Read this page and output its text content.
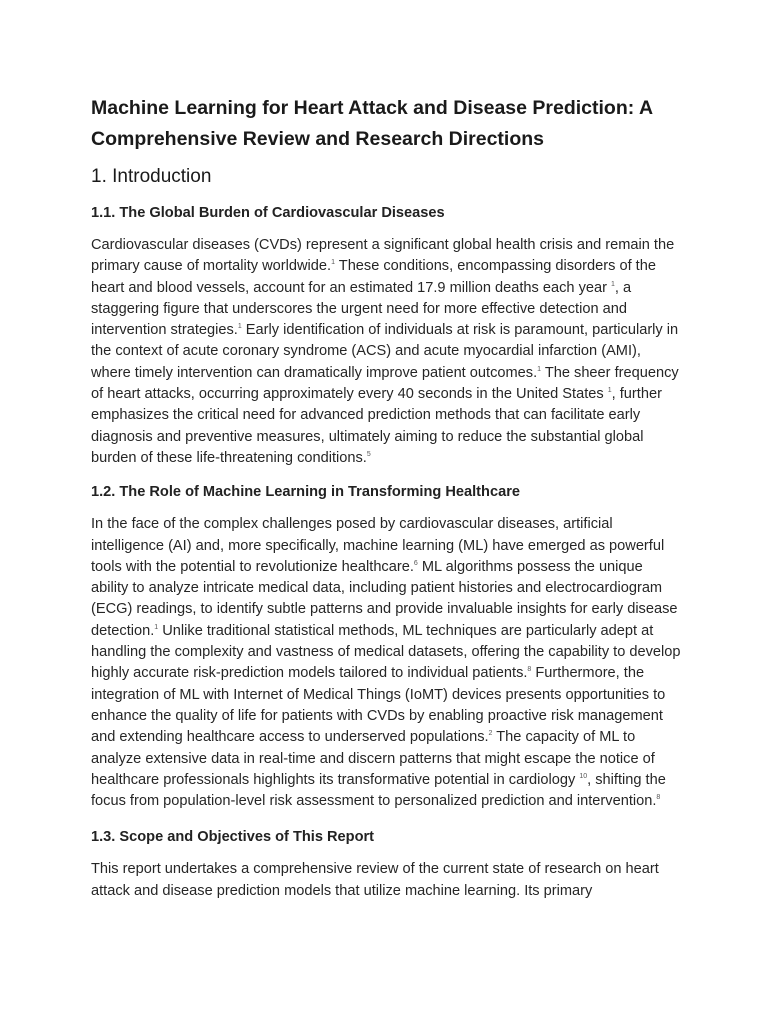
Machine Learning for Heart Attack and Disease Prediction: A Comprehensive Review and Research Directions
1. Introduction
1.1. The Global Burden of Cardiovascular Diseases

Cardiovascular diseases (CVDs) represent a significant global health crisis and remain the primary cause of mortality worldwide.$^1$ These conditions, encompassing disorders of the heart and blood vessels, account for an estimated 17.9 million deaths each year $^1$, a staggering figure that underscores the urgent need for more effective detection and intervention strategies.$^1$ Early identification of individuals at risk is paramount, particularly in the context of acute coronary syndrome (ACS) and acute myocardial infarction (AMI), where timely intervention can dramatically improve patient outcomes.$^1$ The sheer frequency of heart attacks, occurring approximately every 40 seconds in the United States $^1$, further emphasizes the critical need for advanced prediction methods that can facilitate early diagnosis and preventive measures, ultimately aiming to reduce the substantial global burden of these life-threatening conditions.$^5$

1.2. The Role of Machine Learning in Transforming Healthcare

In the face of the complex challenges posed by cardiovascular diseases, artificial intelligence (AI) and, more specifically, machine learning (ML) have emerged as powerful tools with the potential to revolutionize healthcare.$^6$ ML algorithms possess the unique ability to analyze intricate medical data, including patient histories and electrocardiogram (ECG) readings, to identify subtle patterns and provide invaluable insights for early disease detection.$^1$ Unlike traditional statistical methods, ML techniques are particularly adept at handling the complexity and vastness of medical datasets, offering the capability to develop highly accurate risk-prediction models tailored to individual patients.$^8$ Furthermore, the integration of ML with Internet of Medical Things (IoMT) devices presents opportunities to enhance the quality of life for patients with CVDs by enabling proactive risk management and extending healthcare access to underserved populations.$^2$ The capacity of ML to analyze extensive data in real-time and discern patterns that might escape the notice of healthcare professionals highlights its transformative potential in cardiology $^{10}$, shifting the focus from population-level risk assessment to personalized prediction and intervention.$^8$

1.3. Scope and Objectives of This Report

This report undertakes a comprehensive review of the current state of research on heart attack and disease prediction models that utilize machine learning. Its primary
